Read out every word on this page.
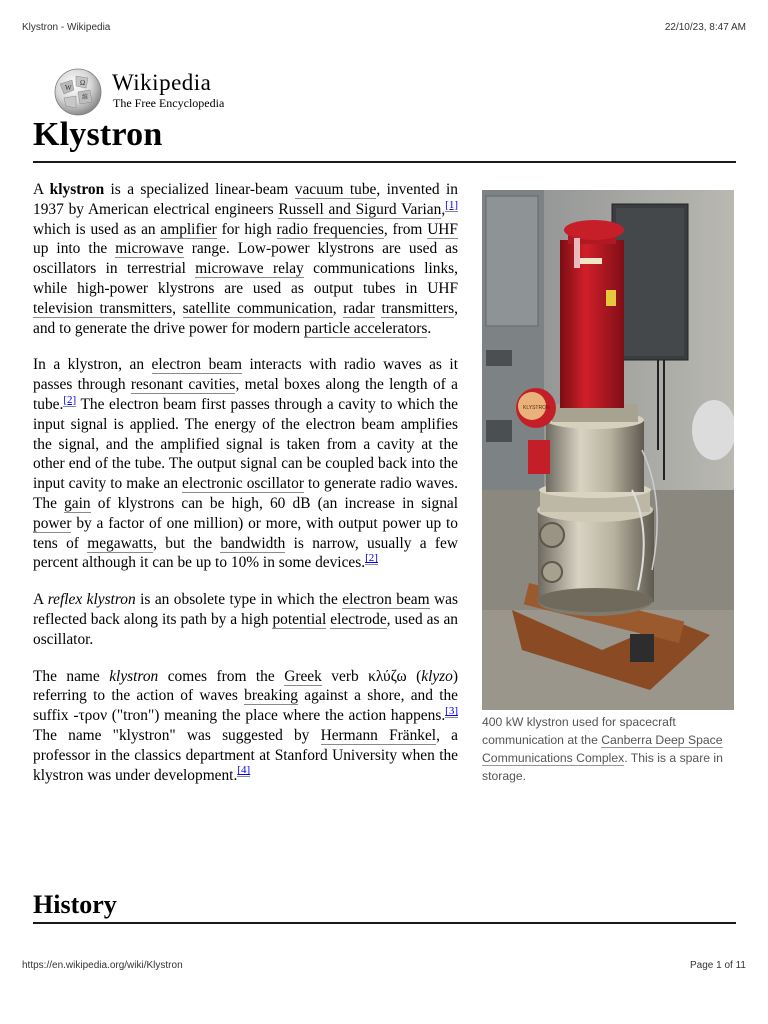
Klystron - Wikipedia	22/10/23, 8:47 AM
W
Ω
維
Wikipedia
The Free Encyclopedia
Klystron
KLYSTRON
400 kW klystron used for spacecraft communication at the Canberra Deep Space Communications Complex. This is a spare in storage.

A klystron is a specialized linear-beam vacuum tube, invented in 1937 by American electrical engineers Russell and Sigurd Varian,[1] which is used as an amplifier for high radio frequencies, from UHF up into the microwave range. Low-power klystrons are used as oscillators in terrestrial microwave relay communications links, while high-power klystrons are used as output tubes in UHF television transmitters, satellite communication, radar transmitters, and to generate the drive power for modern particle accelerators.

In a klystron, an electron beam interacts with radio waves as it passes through resonant cavities, metal boxes along the length of a tube.[2] The electron beam first passes through a cavity to which the input signal is applied. The energy of the electron beam amplifies the signal, and the amplified signal is taken from a cavity at the other end of the tube. The output signal can be coupled back into the input cavity to make an electronic oscillator to generate radio waves. The gain of klystrons can be high, 60 dB (an increase in signal power by a factor of one million) or more, with output power up to tens of megawatts, but the bandwidth is narrow, usually a few percent although it can be up to 10% in some devices.[2]

A reflex klystron is an obsolete type in which the electron beam was reflected back along its path by a high potential electrode, used as an oscillator.

The name klystron comes from the Greek verb κλύζω (klyzo) referring to the action of waves breaking against a shore, and the suffix -τρον ("tron") meaning the place where the action happens.[3] The name "klystron" was suggested by Hermann Fränkel, a professor in the classics department at Stanford University when the klystron was under development.[4]

History
https://en.wikipedia.org/wiki/Klystron	Page 1 of 11
